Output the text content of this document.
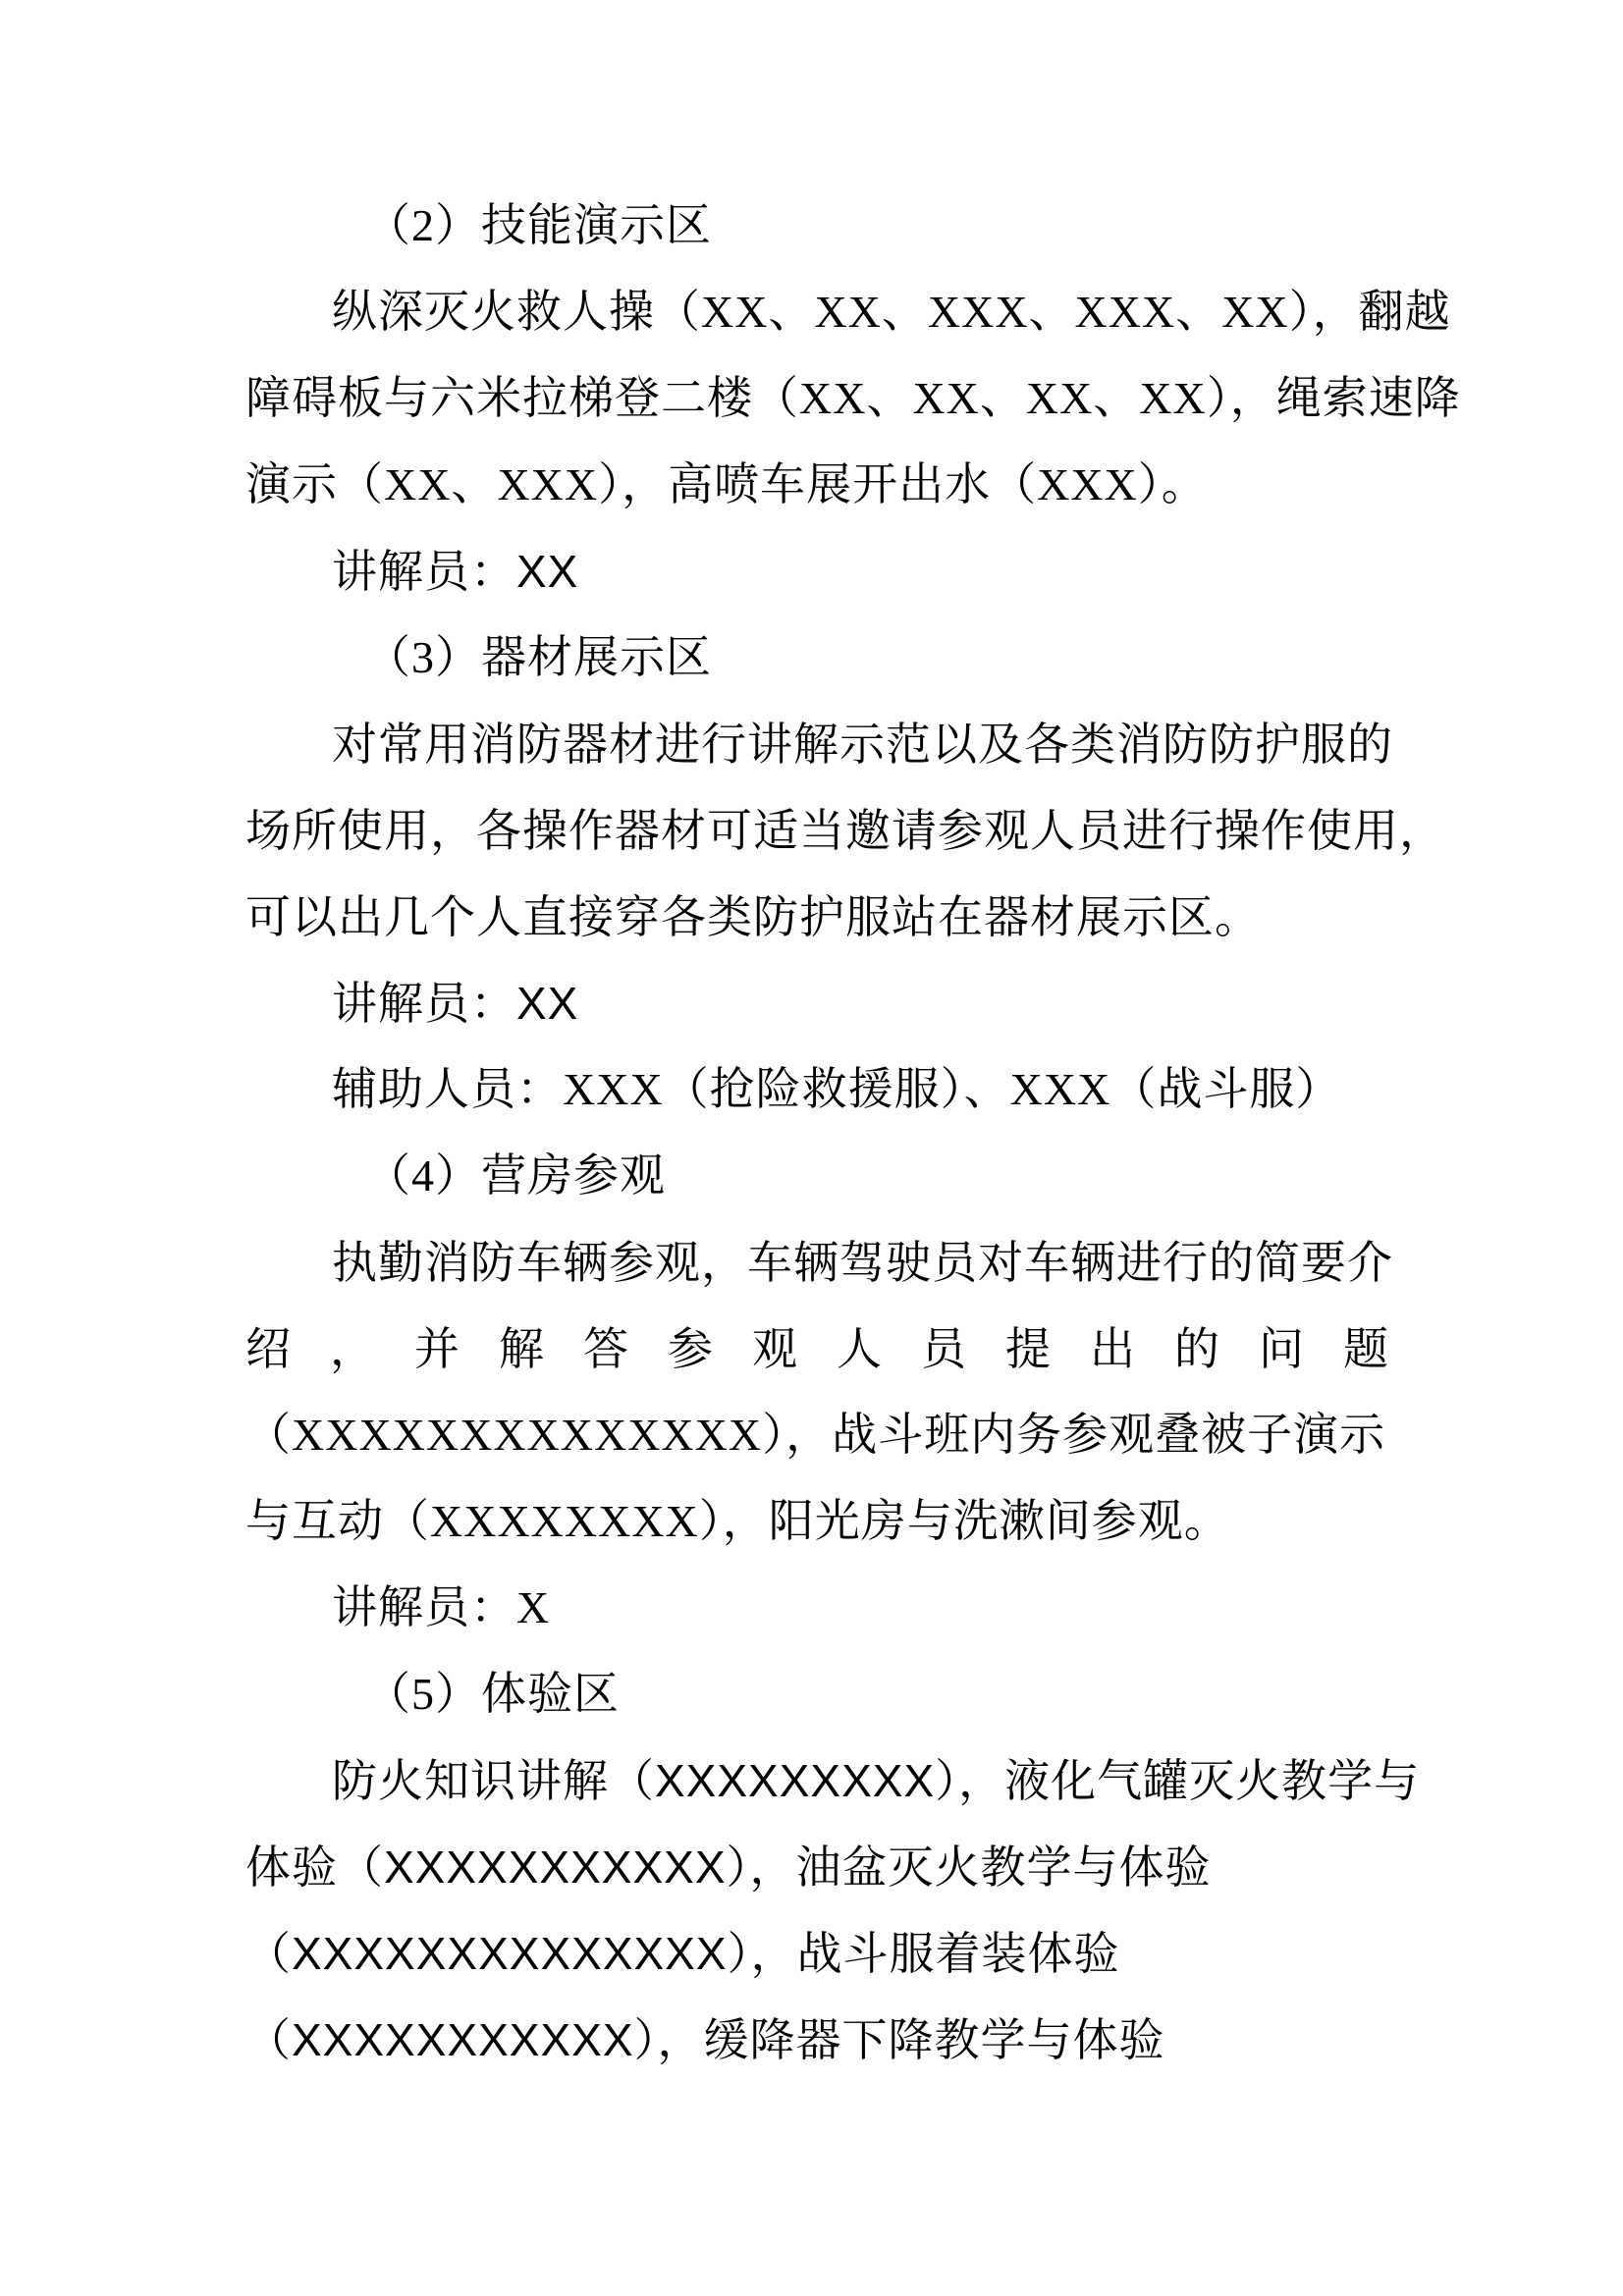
（2）技能演示区
纵深灭火救人操（XX、XX、XXX、XXX、XX），翻越
障碍板与六米拉梯登二楼（XX、XX、XX、XX），绳索速降
演示（XX、XXX），高喷车展开出水（XXX）。
讲解员：XX
（3）器材展示区
对常用消防器材进行讲解示范以及各类消防防护服的
场所使用，各操作器材可适当邀请参观人员进行操作使用，
可以出几个人直接穿各类防护服站在器材展示区。
讲解员：XX
辅助人员：XXX（抢险救援服）、XXX（战斗服）
（4）营房参观
执勤消防车辆参观，车辆驾驶员对车辆进行的简要介
绍，并解答参观人员提出的问题
（XXXXXXXXXXXXXX），战斗班内务参观叠被子演示
与互动（XXXXXXXX），阳光房与洗漱间参观。
讲解员：X
（5）体验区
防火知识讲解（XXXXXXXXX），液化气罐灭火教学与
体验（XXXXXXXXXXX），油盆灭火教学与体验
（XXXXXXXXXXXXXX），战斗服着装体验
（XXXXXXXXXXX），缓降器下降教学与体验
